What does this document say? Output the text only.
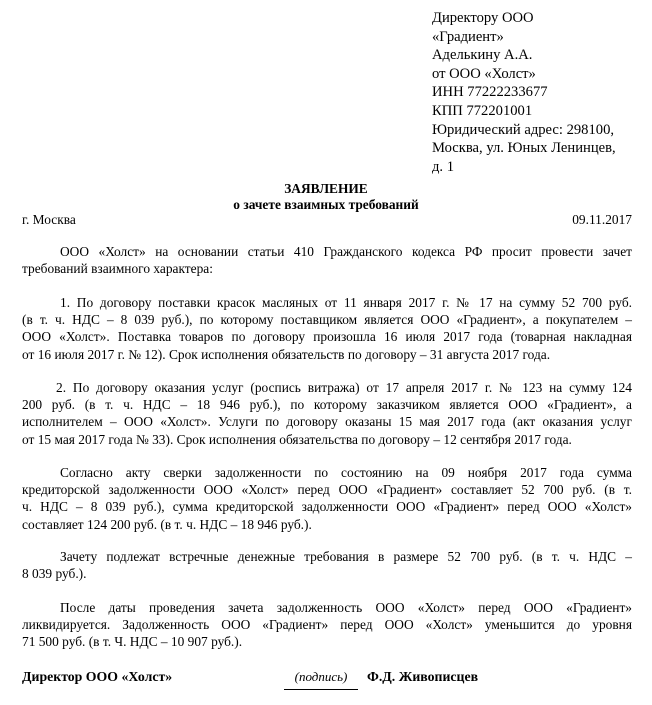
Директору ООО
«Градиент»
Аделькину А.А.
от ООО «Холст»
ИНН 77222233677
КПП 772201001
Юридический адрес: 298100,
Москва, ул. Юных Ленинцев,
д. 1
ЗАЯВЛЕНИЕ
о зачете взаимных требований
г. Москва	09.11.2017
ООО «Холст» на основании статьи 410 Гражданского кодекса РФ просит провести зачет
требований взаимного характера:
1. По договору поставки красок масляных от 11 января 2017 г. № 17 на сумму 52 700 руб.
(в т. ч. НДС – 8 039 руб.), по которому поставщиком является ООО «Градиент», а покупателем –
ООО «Холст». Поставка товаров по договору произошла 16 июля 2017 года (товарная накладная
от 16 июля 2017 г. № 12). Срок исполнения обязательств по договору – 31 августа 2017 года.
2. По договору оказания услуг (роспись витража) от 17 апреля 2017 г. № 123 на сумму 124
200 руб. (в т. ч. НДС – 18 946 руб.), по которому заказчиком является ООО «Градиент», а
исполнителем – ООО «Холст». Услуги по договору оказаны 15 мая 2017 года (акт оказания услуг
от 15 мая 2017 года № 33). Срок исполнения обязательства по договору – 12 сентября 2017 года.
Согласно акту сверки задолженности по состоянию на 09 ноября 2017 года сумма
кредиторской задолженности ООО «Холст» перед ООО «Градиент» составляет 52 700 руб. (в т.
ч. НДС – 8 039 руб.), сумма кредиторской задолженности ООО «Градиент» перед ООО «Холст»
составляет 124 200 руб. (в т. ч. НДС – 18 946 руб.).
Зачету подлежат встречные денежные требования в размере 52 700 руб. (в т. ч. НДС –
8 039 руб.).
После даты проведения зачета задолженность ООО «Холст» перед ООО «Градиент»
ликвидируется. Задолженность ООО «Градиент» перед ООО «Холст» уменьшится до уровня
71 500 руб. (в т. Ч. НДС – 10 907 руб.).
Директор ООО «Холст»	(подпись)	Ф.Д. Живописцев
